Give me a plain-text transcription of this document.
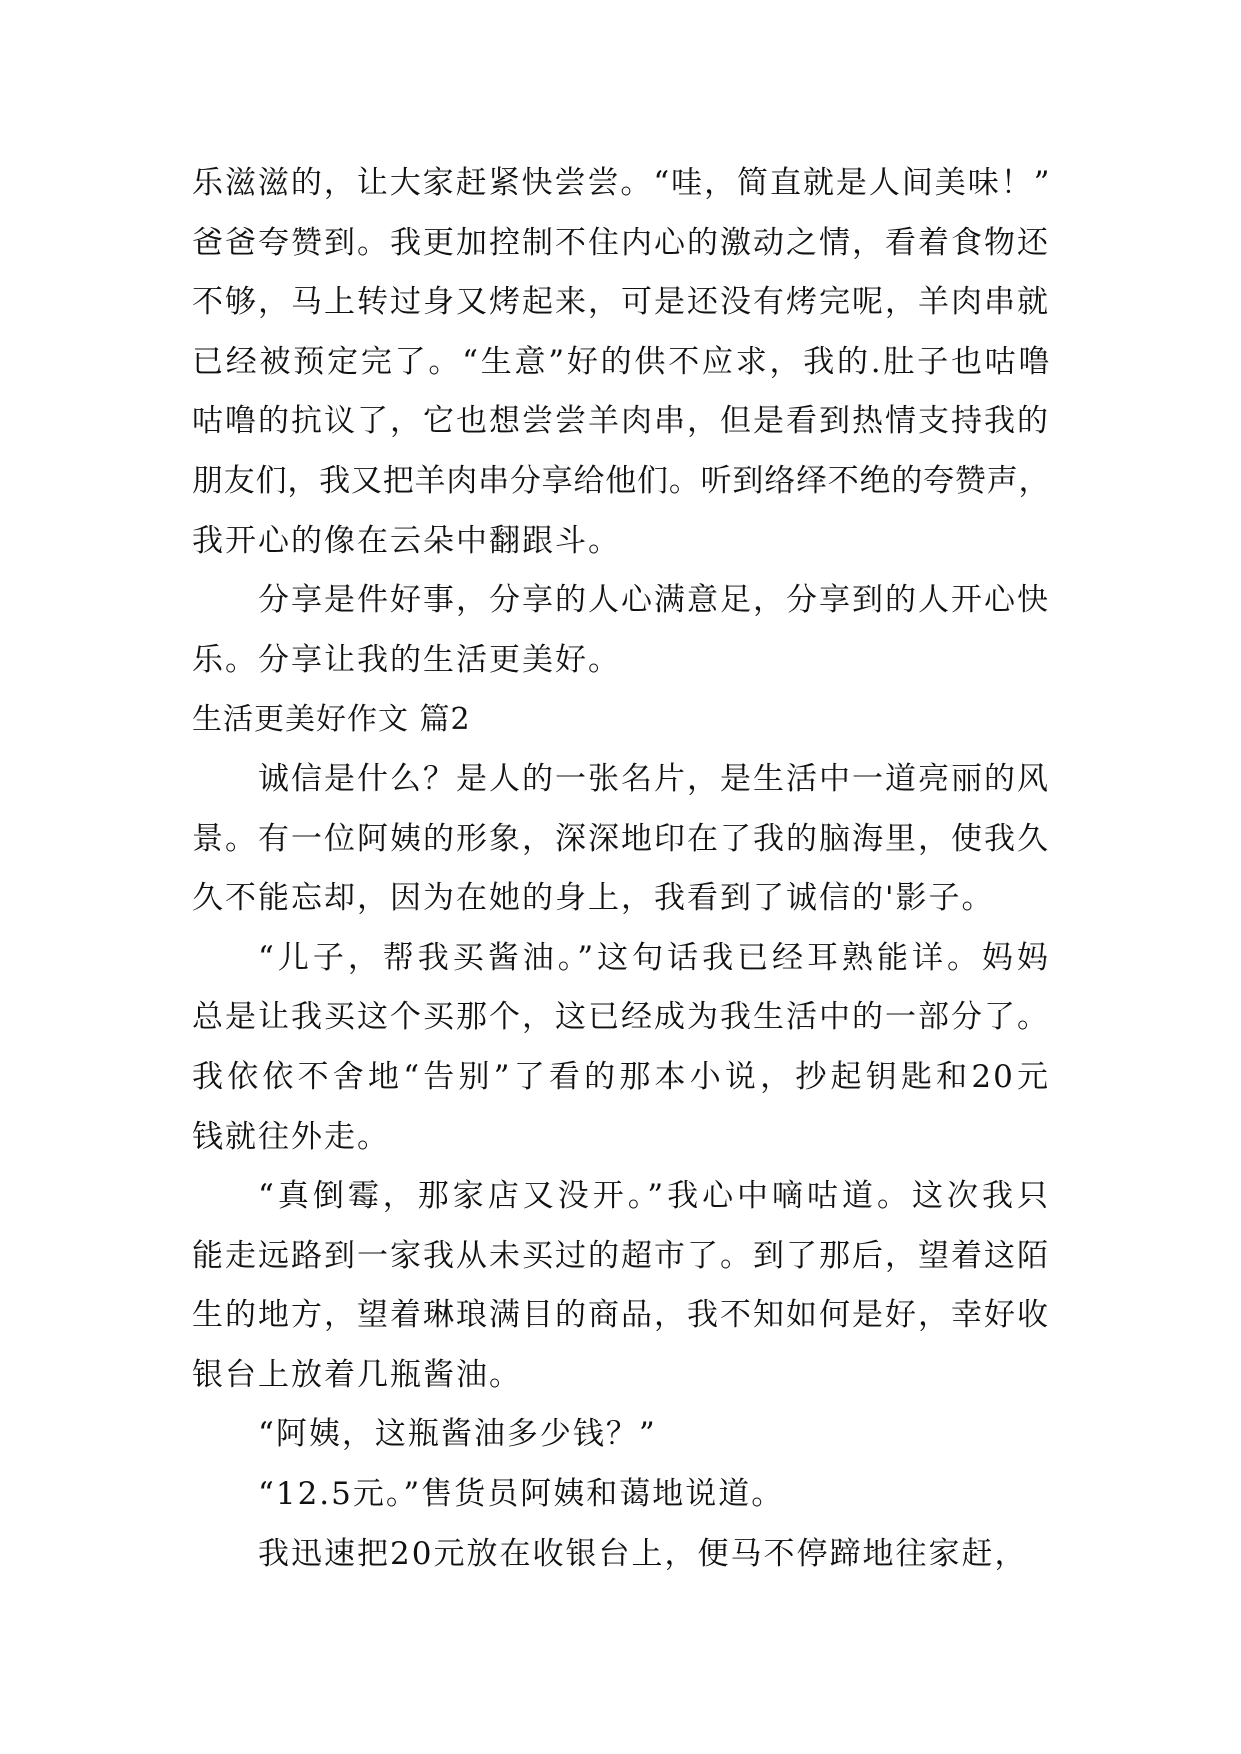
乐滋滋的，让大家赶紧快尝尝。“哇，简直就是人间美味！”
爸爸夸赞到。我更加控制不住内心的激动之情，看着食物还
不够，马上转过身又烤起来，可是还没有烤完呢，羊肉串就
已经被预定完了。“生意”好的供不应求，我的.肚子也咕噜
咕噜的抗议了，它也想尝尝羊肉串，但是看到热情支持我的
朋友们，我又把羊肉串分享给他们。听到络绎不绝的夸赞声，
我开心的像在云朵中翻跟斗。
分享是件好事，分享的人心满意足，分享到的人开心快
乐。分享让我的生活更美好。
生活更美好作文 篇2
诚信是什么？是人的一张名片，是生活中一道亮丽的风
景。有一位阿姨的形象，深深地印在了我的脑海里，使我久
久不能忘却，因为在她的身上，我看到了诚信的'影子。
“儿子，帮我买酱油。”这句话我已经耳熟能详。妈妈
总是让我买这个买那个，这已经成为我生活中的一部分了。
我依依不舍地“告别”了看的那本小说，抄起钥匙和20元
钱就往外走。
“真倒霉，那家店又没开。”我心中嘀咕道。这次我只
能走远路到一家我从未买过的超市了。到了那后，望着这陌
生的地方，望着琳琅满目的商品，我不知如何是好，幸好收
银台上放着几瓶酱油。
“阿姨，这瓶酱油多少钱？”
“12.5元。”售货员阿姨和蔼地说道。
我迅速把20元放在收银台上，便马不停蹄地往家赶，
